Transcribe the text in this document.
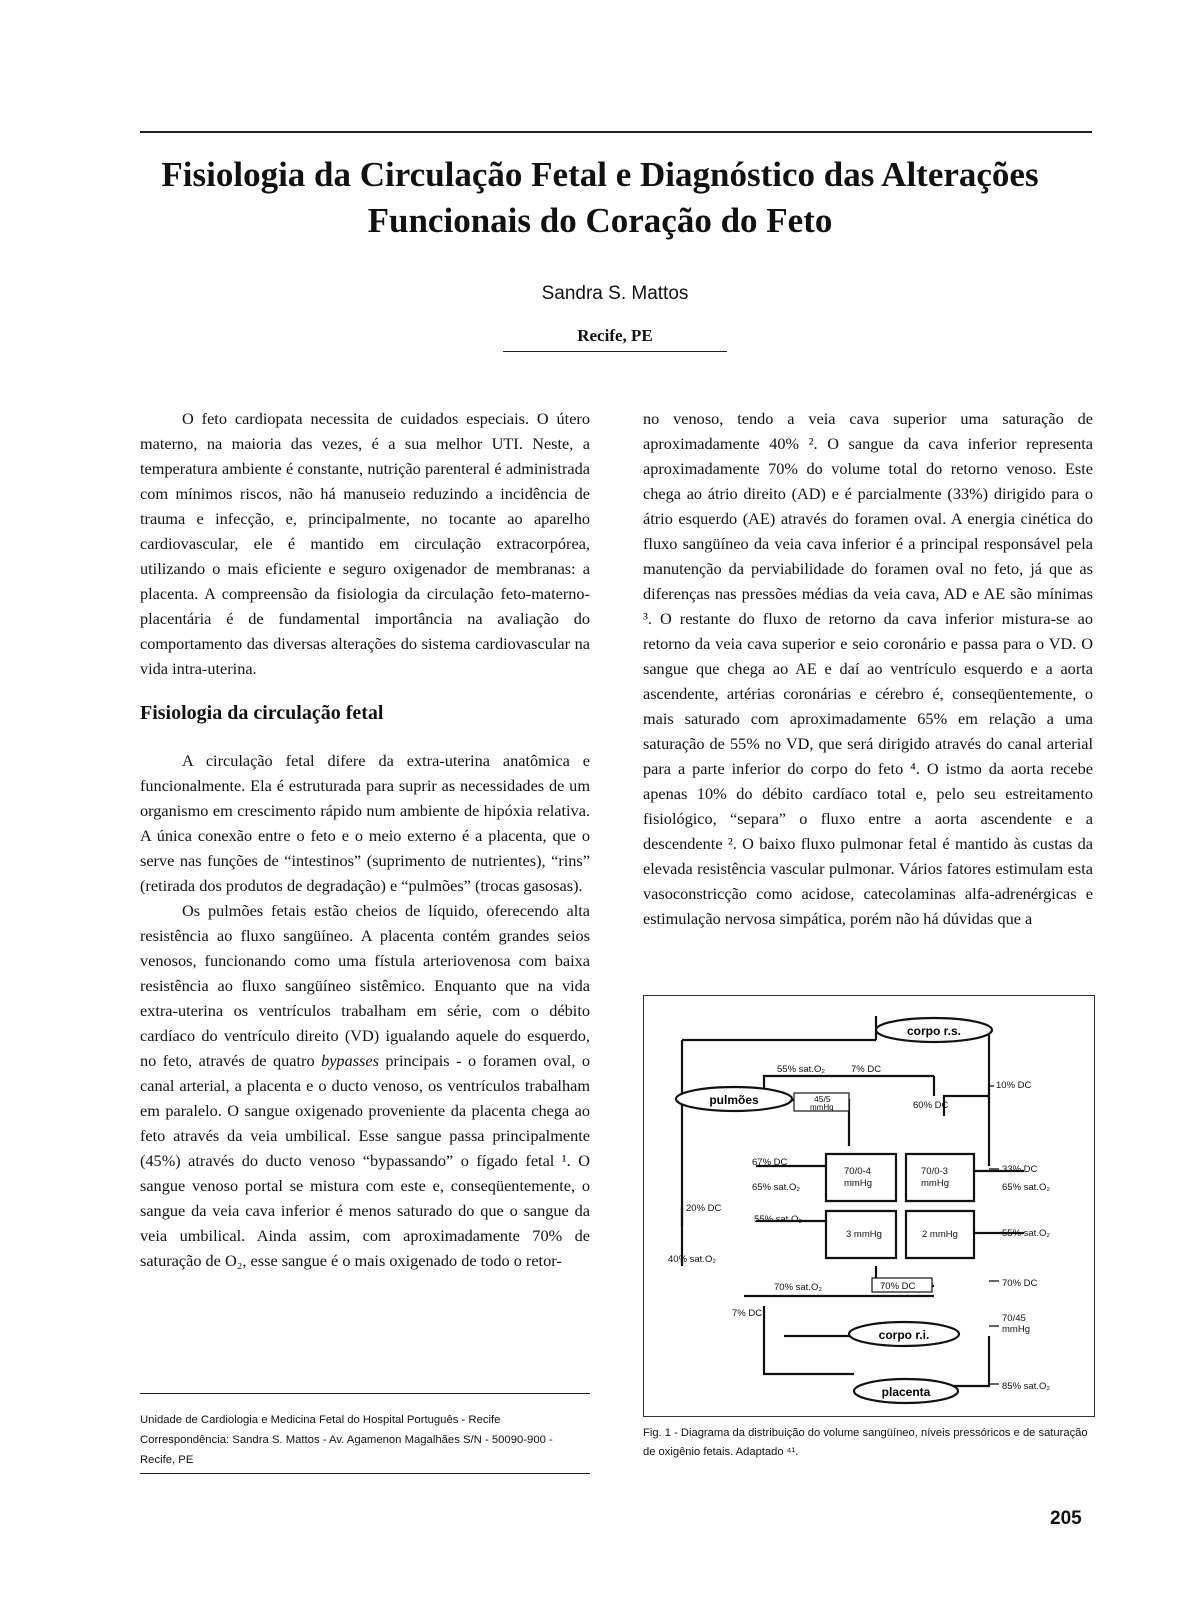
Fisiologia da Circulação Fetal e Diagnóstico das Alterações Funcionais do Coração do Feto
Sandra S. Mattos
Recife, PE

O feto cardiopata necessita de cuidados especiais. O útero materno, na maioria das vezes, é a sua melhor UTI. Neste, a temperatura ambiente é constante, nutrição parenteral é administrada com mínimos riscos, não há manuseio reduzindo a incidência de trauma e infecção, e, principalmente, no tocante ao aparelho cardiovascular, ele é mantido em circulação extracorpórea, utilizando o mais eficiente e seguro oxigenador de membranas: a placenta. A compreensão da fisiologia da circulação feto-materno-placentária é de fundamental importância na avaliação do comportamento das diversas alterações do sistema cardiovascular na vida intra-uterina.

Fisiologia da circulação fetal

A circulação fetal difere da extra-uterina anatômica e funcionalmente. Ela é estruturada para suprir as necessidades de um organismo em crescimento rápido num ambiente de hipóxia relativa. A única conexão entre o feto e o meio externo é a placenta, que o serve nas funções de “intestinos” (suprimento de nutrientes), “rins” (retirada dos produtos de degradação) e “pulmões” (trocas gasosas).

Os pulmões fetais estão cheios de líquido, oferecendo alta resistência ao fluxo sangüíneo. A placenta contém grandes seios venosos, funcionando como uma fístula arteriovenosa com baixa resistência ao fluxo sangüíneo sistêmico. Enquanto que na vida extra-uterina os ventrículos trabalham em série, com o débito cardíaco do ventrículo direito (VD) igualando aquele do esquerdo, no feto, através de quatro bypasses principais - o foramen oval, o canal arterial, a placenta e o ducto venoso, os ventrículos trabalham em paralelo. O sangue oxigenado proveniente da placenta chega ao feto através da veia umbilical. Esse sangue passa principalmente (45%) através do ducto venoso “bypassando” o fígado fetal ¹. O sangue venoso portal se mistura com este e, conseqüentemente, o sangue da veia cava inferior é menos saturado do que o sangue da veia umbilical. Ainda assim, com aproximadamente 70% de saturação de O₂, esse sangue é o mais oxigenado de todo o retor-

no venoso, tendo a veia cava superior uma saturação de aproximadamente 40% ². O sangue da cava inferior representa aproximadamente 70% do volume total do retorno venoso. Este chega ao átrio direito (AD) e é parcialmente (33%) dirigido para o átrio esquerdo (AE) através do foramen oval. A energia cinética do fluxo sangüíneo da veia cava inferior é a principal responsável pela manutenção da perviabilidade do foramen oval no feto, já que as diferenças nas pressões médias da veia cava, AD e AE são mínimas ³. O restante do fluxo de retorno da cava inferior mistura-se ao retorno da veia cava superior e seio coronário e passa para o VD. O sangue que chega ao AE e daí ao ventrículo esquerdo e a aorta ascendente, artérias coronárias e cérebro é, conseqüentemente, o mais saturado com aproximadamente 65% em relação a uma saturação de 55% no VD, que será dirigido através do canal arterial para a parte inferior do corpo do feto ⁴. O istmo da aorta recebe apenas 10% do débito cardíaco total e, pelo seu estreitamento fisiológico, “separa” o fluxo entre a aorta ascendente e a descendente ². O baixo fluxo pulmonar fetal é mantido às custas da elevada resistência vascular pulmonar. Vários fatores estimulam esta vasoconstricção como acidose, catecolaminas alfa-adrenérgicas e estimulação nervosa simpática, porém não há dúvidas que a

Unidade de Cardiologia e Medicina Fetal do Hospital Português - Recife
Correspondência: Sandra S. Mattos - Av. Agamenon Magalhães S/N - 50090-900 - Recife, PE
corpo r.s.
pulmões
corpo r.i.
placenta
55% sat.O₂	7% DC
45/5
mmHg	60% DC
10% DC
67% DC
65% sat.O₂
70/0-4
mmHg
70/0-3
mmHg
33% DC
65% sat.O₂
20% DC
55% sat.O₂
3 mmHg	2 mmHg	55% sat.O₂
40% sat.O₂
70% sat.O₂	70% DC	70% DC
7% DC	70/45
mmHg
85% sat.O₂
Fig. 1 - Diagrama da distribuição do volume sangüíneo, níveis pressóricos e de saturação de oxigênio fetais. Adaptado ⁴¹.
205
